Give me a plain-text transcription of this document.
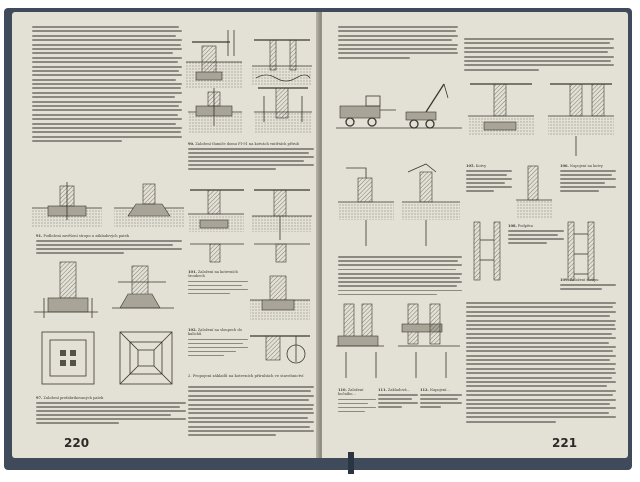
90. Založení tlumiče domu FI-91 na kotvách vnitřních přírub
91. Podložení zavěšení stropu u základových patek
97. Založení prefabrikovaných patek
101. Založení na kotevních šroubech
102. Založení na sloupech do kalichů
2. Propojení základů na kotevních přírubách ve stavebnictví
220
105. Kotvy	106. Napojení na kotvy
108. Podpěra
109. Založení sloupu
110. Založení bočního...
111. Zakladová...	112. Napojení...
221
